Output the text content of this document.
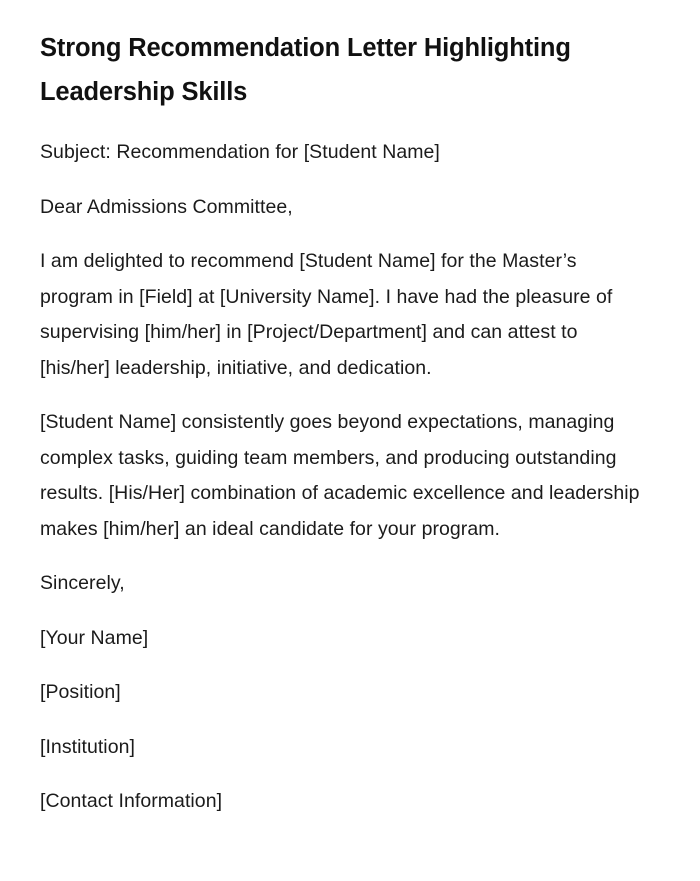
Strong Recommendation Letter Highlighting Leadership Skills

Subject: Recommendation for [Student Name]

Dear Admissions Committee,

I am delighted to recommend [Student Name] for the Master’s program in [Field] at [University Name]. I have had the pleasure of supervising [him/her] in [Project/Department] and can attest to [his/her] leadership, initiative, and dedication.

[Student Name] consistently goes beyond expectations, managing complex tasks, guiding team members, and producing outstanding results. [His/Her] combination of academic excellence and leadership makes [him/her] an ideal candidate for your program.

Sincerely,

[Your Name]

[Position]

[Institution]

[Contact Information]
